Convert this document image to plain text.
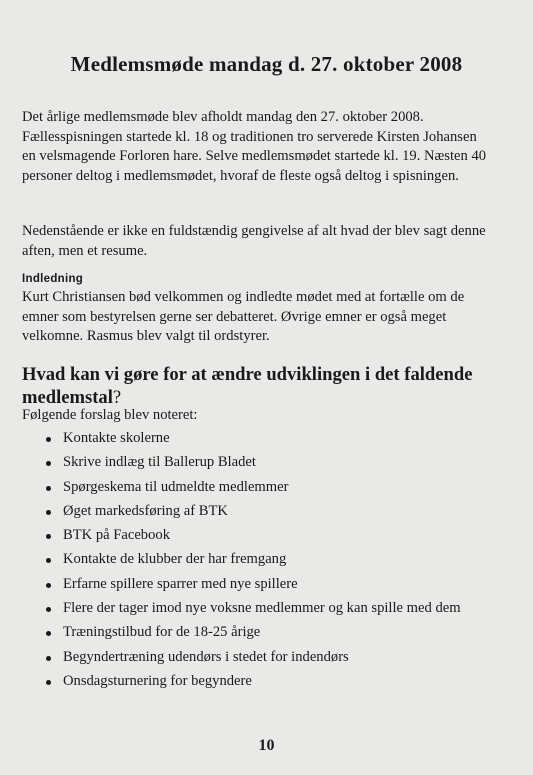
Medlemsmøde mandag d. 27. oktober 2008

Det årlige medlemsmøde blev afholdt mandag den 27. oktober 2008. Fællesspisningen startede kl. 18 og traditionen tro serverede Kirsten Johansen en velsmagende Forloren hare. Selve medlemsmødet startede kl. 19. Næsten 40 personer deltog i medlemsmødet, hvoraf de fleste også deltog i spisningen.

Nedenstående er ikke en fuldstændig gengivelse af alt hvad der blev sagt denne aften, men et resume.

Indledning

Kurt Christiansen bød velkommen og indledte mødet med at fortælle om de emner som bestyrelsen gerne ser debatteret. Øvrige emner er også meget velkomne. Rasmus blev valgt til ordstyrer.

Hvad kan vi gøre for at ændre udviklingen i det faldende medlemstal?

Følgende forslag blev noteret:

Kontakte skolerne
Skrive indlæg til Ballerup Bladet
Spørgeskema til udmeldte medlemmer
Øget markedsføring af BTK
BTK på Facebook
Kontakte de klubber der har fremgang
Erfarne spillere sparrer med nye spillere
Flere der tager imod nye voksne medlemmer og kan spille med dem
Træningstilbud for de 18-25 årige
Begyndertræning udendørs i stedet for indendørs
Onsdagsturnering for begyndere
10
